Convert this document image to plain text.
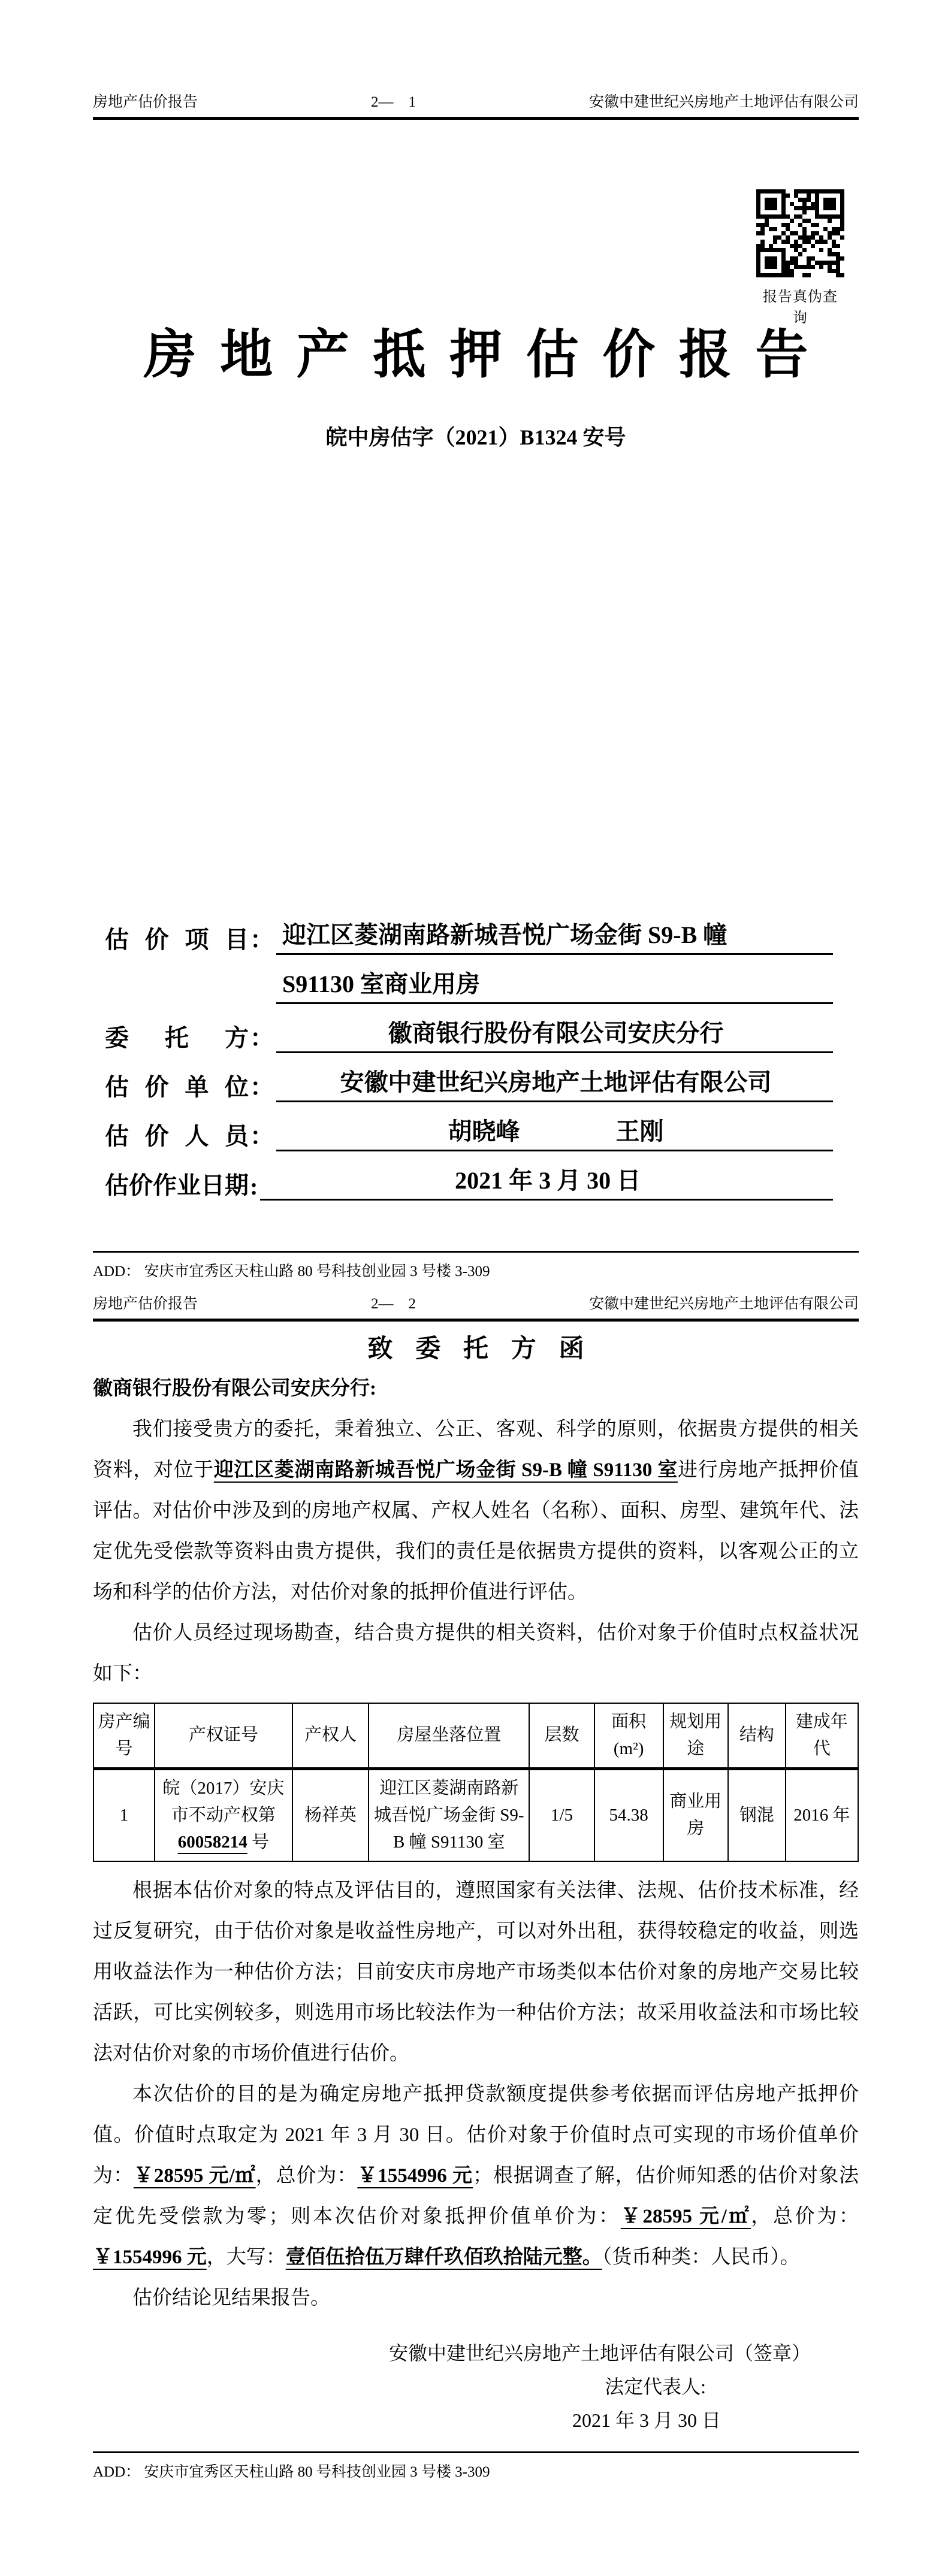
房地产估价报告	2—　1	安徽中建世纪兴房地产土地评估有限公司
报告真伪查询
房地产抵押估价报告
皖中房估字（2021）B1324 安号
估价项目 ： 迎江区菱湖南路新城吾悦广场金街 S9-B 幢
S91130 室商业用房
委托方 ：	徽商银行股份有限公司安庆分行
估价单位 ：	安徽中建世纪兴房地产土地评估有限公司
估价人员 ：	胡晓峰　　　　王刚
估价作业日期 :	2021 年 3 月 30 日
ADD： 安庆市宜秀区天柱山路 80 号科技创业园 3 号楼 3-309
房地产估价报告	2—　2	安徽中建世纪兴房地产土地评估有限公司
致委托方函

徽商银行股份有限公司安庆分行:

我们接受贵方的委托，秉着独立、公正、客观、科学的原则，依据贵方提供的相关资料，对位于迎江区菱湖南路新城吾悦广场金街 S9-B 幢 S91130 室进行房地产抵押价值评估。对估价中涉及到的房地产权属、产权人姓名（名称）、面积、房型、建筑年代、法定优先受偿款等资料由贵方提供，我们的责任是依据贵方提供的资料，以客观公正的立场和科学的估价方法，对估价对象的抵押价值进行评估。

估价人员经过现场勘查，结合贵方提供的相关资料，估价对象于价值时点权益状况如下：

房产编号	产权证号	产权人	房屋坐落位置	层数	面积(m²)	规划用途	结构	建成年代
1	皖（2017）安庆市不动产权第 60058214 号	杨祥英	迎江区菱湖南路新城吾悦广场金街 S9-B 幢 S91130 室	1/5	54.38	商业用房	钢混	2016 年

根据本估价对象的特点及评估目的，遵照国家有关法律、法规、估价技术标准，经过反复研究，由于估价对象是收益性房地产，可以对外出租，获得较稳定的收益，则选用收益法作为一种估价方法；目前安庆市房地产市场类似本估价对象的房地产交易比较活跃，可比实例较多，则选用市场比较法作为一种估价方法；故采用收益法和市场比较法对估价对象的市场价值进行估价。

本次估价的目的是为确定房地产抵押贷款额度提供参考依据而评估房地产抵押价值。价值时点取定为 2021 年 3 月 30 日。估价对象于价值时点可实现的市场价值单价为：￥28595 元/㎡，总价为：￥1554996 元；根据调查了解，估价师知悉的估价对象法定优先受偿款为零；则本次估价对象抵押价值单价为：￥28595 元/㎡，总价为：￥1554996 元，大写：壹佰伍拾伍万肆仟玖佰玖拾陆元整。（货币种类：人民币）。

估价结论见结果报告。

安徽中建世纪兴房地产土地评估有限公司（签章）
法定代表人:
2021 年 3 月 30 日
ADD： 安庆市宜秀区天柱山路 80 号科技创业园 3 号楼 3-309
